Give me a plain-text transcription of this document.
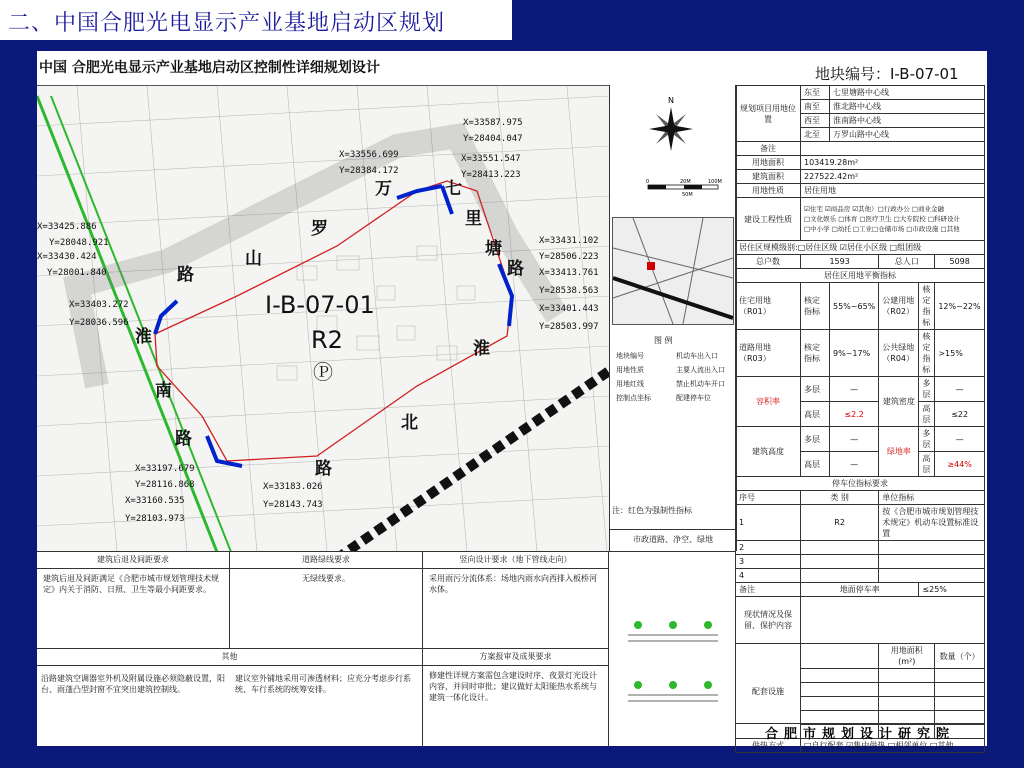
二、中国合肥光电显示产业基地启动区规划
中国 合肥光电显示产业基地启动区控制性详细规划设计	地块编号：Ⅰ-B-07-01
Ⅰ-B-07-01
R2
Ⓟ
万	七
里
塘
路
罗
山
路
淮
南
路
淮
北
路
X=33587.975
Y=28404.047
X=33556.699
Y=28384.172
X=33551.547
Y=28413.223
X=33425.886
Y=28048.921
X=33430.424
Y=28001.840
X=33431.102
Y=28506.223
X=33413.761
Y=28538.563
X=33403.272
Y=28036.596
X=33401.443
Y=28503.997
X=33197.679
Y=28116.868
X=33160.535
Y=28103.973
X=33183.026
Y=28143.743
N
0	20M
50M
100M
图 例
地块编号	机动车出入口
用地性质	主要人流出入口
用地红线	禁止机动车开口
控制点坐标	配建停车位
注：红色为强制性指标
市政道路、净空、绿地
规划项目用地位置	东至	七里塘路中心线			
	南至	淮北路中心线			
	西至	淮南路中心线			
	北至	万罗山路中心线			
备注					
用地面积	103419.28m²				
建筑面积	227522.42m²				
用地性质	居住用地				
建设工程性质	☑住宅 ☑商品房 ☑其他）□行政办公 □商业金融
□文化娱乐 □体育 □医疗卫生 □大专院校 □科研设计
□中小学 □幼托 □工业□仓储市场 □市政设施 □其他				

居住区规模级别:□居住区级 ☑居住小区级 □组团级					
总户数	1593		总人口		5098
居住区用地平衡指标					
住宅用地（R01）	核定指标	55%~65%	公建用地（R02）	核定指标	12%~22%
道路用地（R03）	核定指标	9%~17%	公共绿地（R04）	核定指标	>15%
容积率	多层	—	建筑密度	多层	—
	高层	≤2.2		高层	≤22
建筑高度	多层	—	绿地率	多层	—
	高层	—		高层	≥44%
停车位指标要求					
序号	类 别		单位指标		
1	R2		按《合肥市城市规划管理技术规定》机动车设置标准设置		
2					
3					
4					
备注	地面停车率			≤25%	
现状情况及保留、保护内容					
配套设施			用地面积(m²)		数量（个）

供热方式	□自行配套 ☑集中供热 □相邻单位 □其他				
建筑后退及间距要求
建筑后退及间距满足《合肥市城市规划管理技术规定》内关于消防、日照、卫生等最小间距要求。
道路绿线要求
无绿线要求。
竖向设计要求（地下管线走向）
采用雨污分流体系：场地内雨水向西排入板桥河水体。
其他
沿路建筑空调器室外机及附属设施必须隐蔽设置，阳台、雨蓬凸型封窗不宜突出建筑控制线。
建议室外铺地采用可渗透材料；应充分考虑步行系统、车行系统的统筹安排。
方案报审及成果要求
修建性详规方案需包含建设时序、夜景灯光设计内容，并同时审批；建议做好太阳能热水系统与建筑一体化设计。
合肥市规划设计研究院
